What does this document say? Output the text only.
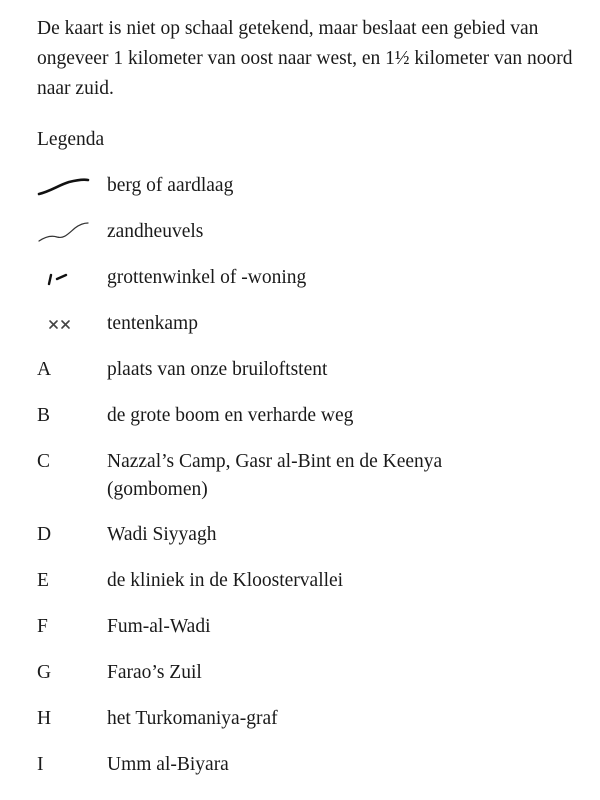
De kaart is niet op schaal getekend, maar beslaat een gebied van ongeveer 1 kilometer van oost naar west, en 1½ kilometer van noord naar zuid.

Legenda

berg of aardlaag
zandheuvels
grottenwinkel of -woning
tentenkamp
A	plaats van onze bruiloftstent
B	de grote boom en verharde weg
C	Nazzal’s Camp, Gasr al-Bint en de Keenya
(gombomen)
D	Wadi Siyyagh
E	de kliniek in de Kloostervallei
F	Fum-al-Wadi
G	Farao’s Zuil
H	het Turkomaniya-graf
I	Umm al-Biyara
